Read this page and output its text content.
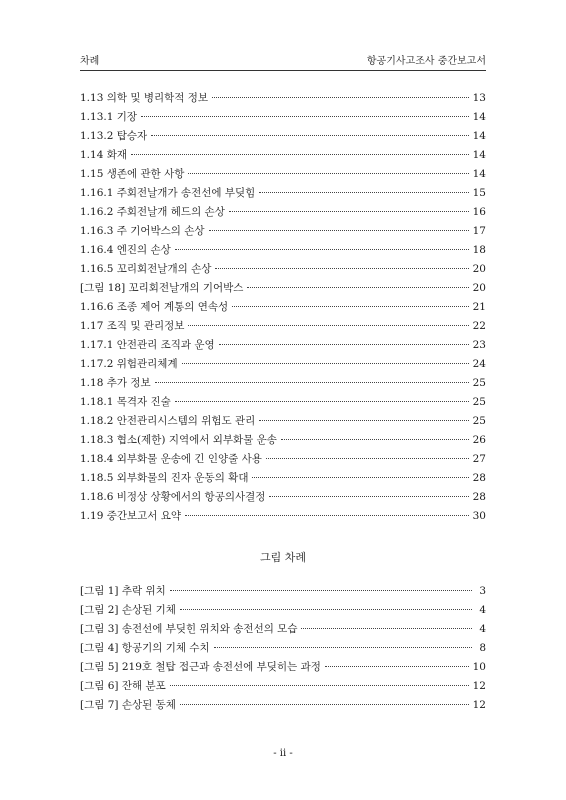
차례	항공기사고조사 중간보고서
1.13 의학 및 병리학적 정보	13
1.13.1 기장	14
1.13.2 탑승자	14
1.14 화재	14
1.15 생존에 관한 사항	14
1.16.1 주회전날개가 송전선에 부딪힘	15
1.16.2 주회전날개 헤드의 손상	16
1.16.3 주 기어박스의 손상	17
1.16.4 엔진의 손상	18
1.16.5 꼬리회전날개의 손상	20
[그림 18] 꼬리회전날개의 기어박스	20
1.16.6 조종 제어 계통의 연속성	21
1.17 조직 및 관리정보	22
1.17.1 안전관리 조직과 운영	23
1.17.2 위험관리체계	24
1.18 추가 정보	25
1.18.1 목격자 진술	25
1.18.2 안전관리시스템의 위험도 관리	25
1.18.3 협소(제한) 지역에서 외부화물 운송	26
1.18.4 외부화물 운송에 긴 인양줄 사용	27
1.18.5 외부화물의 진자 운동의 확대	28
1.18.6 비정상 상황에서의 항공의사결정	28
1.19 중간보고서 요약	30
그림 차례
[그림 1] 추락 위치	3
[그림 2] 손상된 기체	4
[그림 3] 송전선에 부딪힌 위치와 송전선의 모습	4
[그림 4] 항공기의 기체 수치	8
[그림 5] 219호 철탑 접근과 송전선에 부딪히는 과정	10
[그림 6] 잔해 분포	12
[그림 7] 손상된 동체	12
- ii -
